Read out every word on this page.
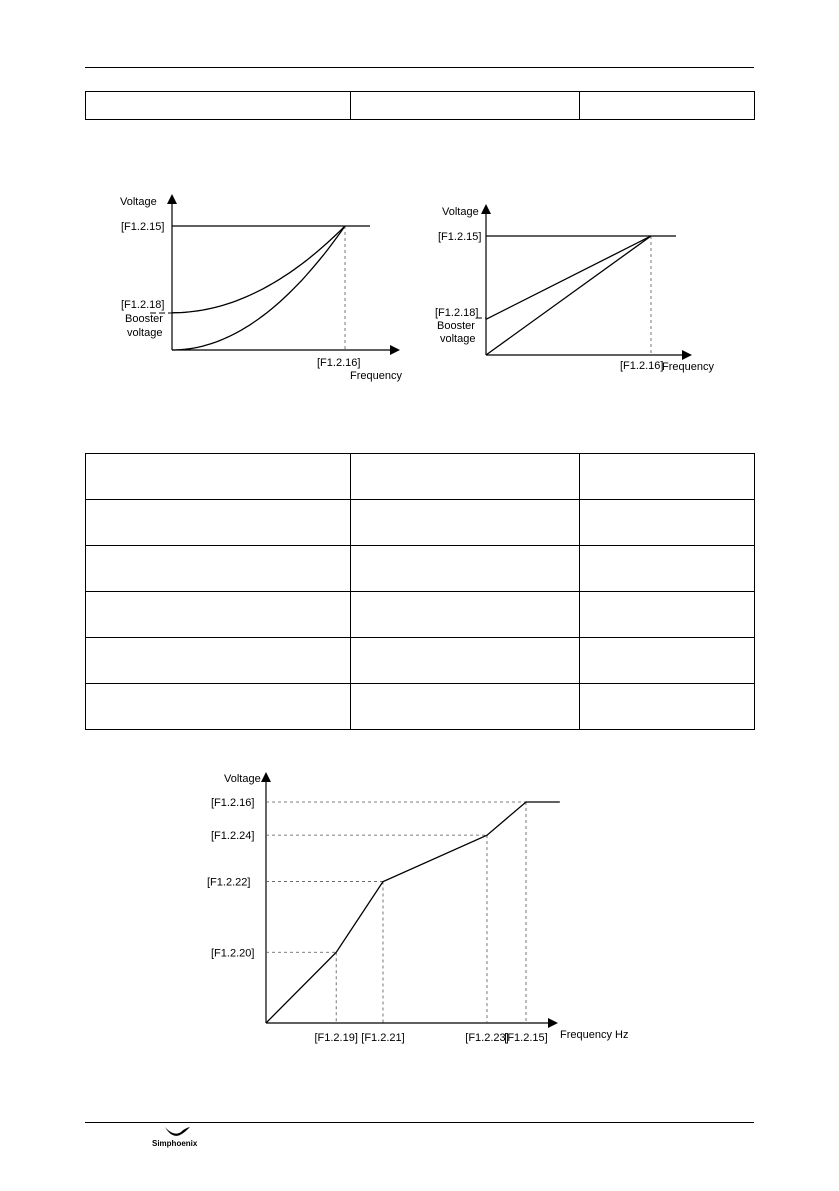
Voltage
[F1.2.15]
[F1.2.18]
Booster
voltage
[F1.2.16]
Frequency
Voltage
[F1.2.15]
[F1.2.18]
Booster
voltage
[F1.2.16]
Frequency

Voltage
[F1.2.16]
[F1.2.24]
[F1.2.22]
[F1.2.20]
[F1.2.19] [F1.2.21]	[F1.2.23]
[F1.2.15] Frequency Hz
Simphoenix
